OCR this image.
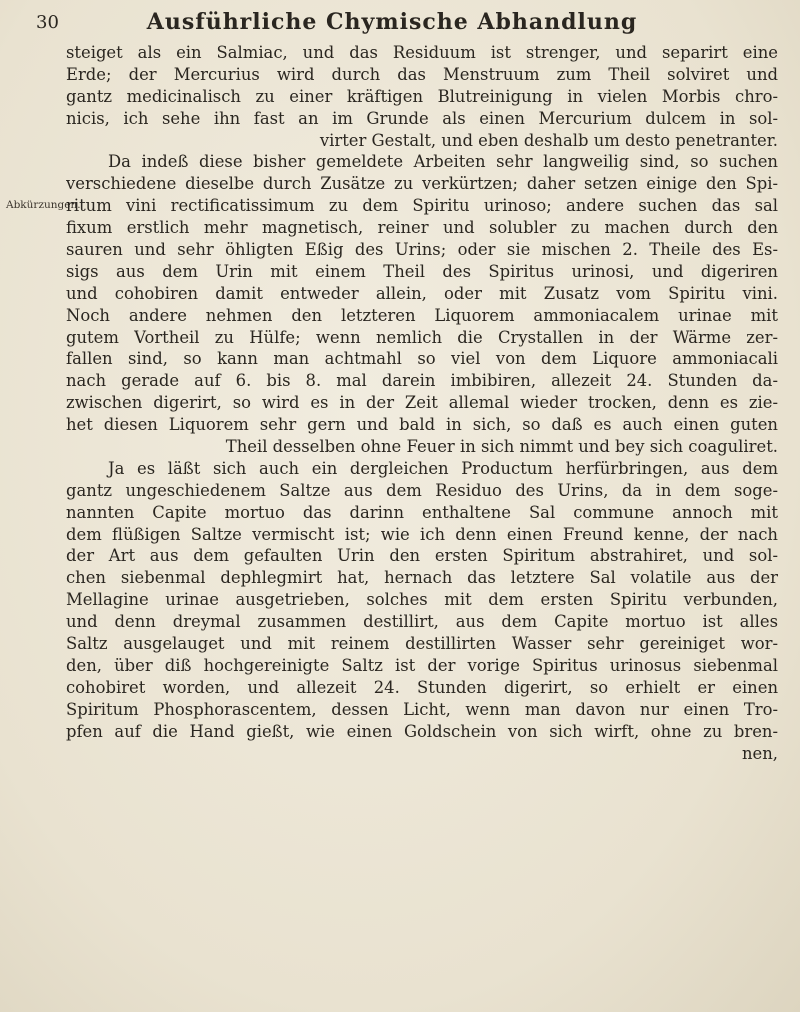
30	Ausführliche Chymische Abhandlung
Abkürzungen.
steiget als ein Salmiac, und das Residuum ist strenger, und separirt eine
Erde; der Mercurius wird durch das Menstruum zum Theil solviret und
gantz medicinalisch zu einer kräftigen Blutreinigung in vielen Morbis chro-
nicis, ich sehe ihn fast an im Grunde als einen Mercurium dulcem in sol-
virter Gestalt, und eben deshalb um desto penetranter.
Da indeß diese bisher gemeldete Arbeiten sehr langweilig sind, so suchen
verschiedene dieselbe durch Zusätze zu verkürtzen; daher setzen einige den Spi-
ritum vini rectificatissimum zu dem Spiritu urinoso; andere suchen das sal
fixum erstlich mehr magnetisch, reiner und solubler zu machen durch den
sauren und sehr öhligten Eßig des Urins; oder sie mischen 2. Theile des Es-
sigs aus dem Urin mit einem Theil des Spiritus urinosi, und digeriren
und cohobiren damit entweder allein, oder mit Zusatz vom Spiritu vini.
Noch andere nehmen den letzteren Liquorem ammoniacalem urinae mit
gutem Vortheil zu Hülfe; wenn nemlich die Crystallen in der Wärme zer-
fallen sind, so kann man achtmahl so viel von dem Liquore ammoniacali
nach gerade auf 6. bis 8. mal darein imbibiren, allezeit 24. Stunden da-
zwischen digerirt, so wird es in der Zeit allemal wieder trocken, denn es zie-
het diesen Liquorem sehr gern und bald in sich, so daß es auch einen guten
Theil desselben ohne Feuer in sich nimmt und bey sich coaguliret.
Ja es läßt sich auch ein dergleichen Productum herfürbringen, aus dem
gantz ungeschiedenem Saltze aus dem Residuo des Urins, da in dem soge-
nannten Capite mortuo das darinn enthaltene Sal commune annoch mit
dem flüßigen Saltze vermischt ist; wie ich denn einen Freund kenne, der nach
der Art aus dem gefaulten Urin den ersten Spiritum abstrahiret, und sol-
chen siebenmal dephlegmirt hat, hernach das letztere Sal volatile aus der
Mellagine urinae ausgetrieben, solches mit dem ersten Spiritu verbunden,
und denn dreymal zusammen destillirt, aus dem Capite mortuo ist alles
Saltz ausgelauget und mit reinem destillirten Wasser sehr gereiniget wor-
den, über diß hochgereinigte Saltz ist der vorige Spiritus urinosus siebenmal
cohobiret worden, und allezeit 24. Stunden digerirt, so erhielt er einen
Spiritum Phosphorascentem, dessen Licht, wenn man davon nur einen Tro-
pfen auf die Hand gießt, wie einen Goldschein von sich wirft, ohne zu bren-
nen,
